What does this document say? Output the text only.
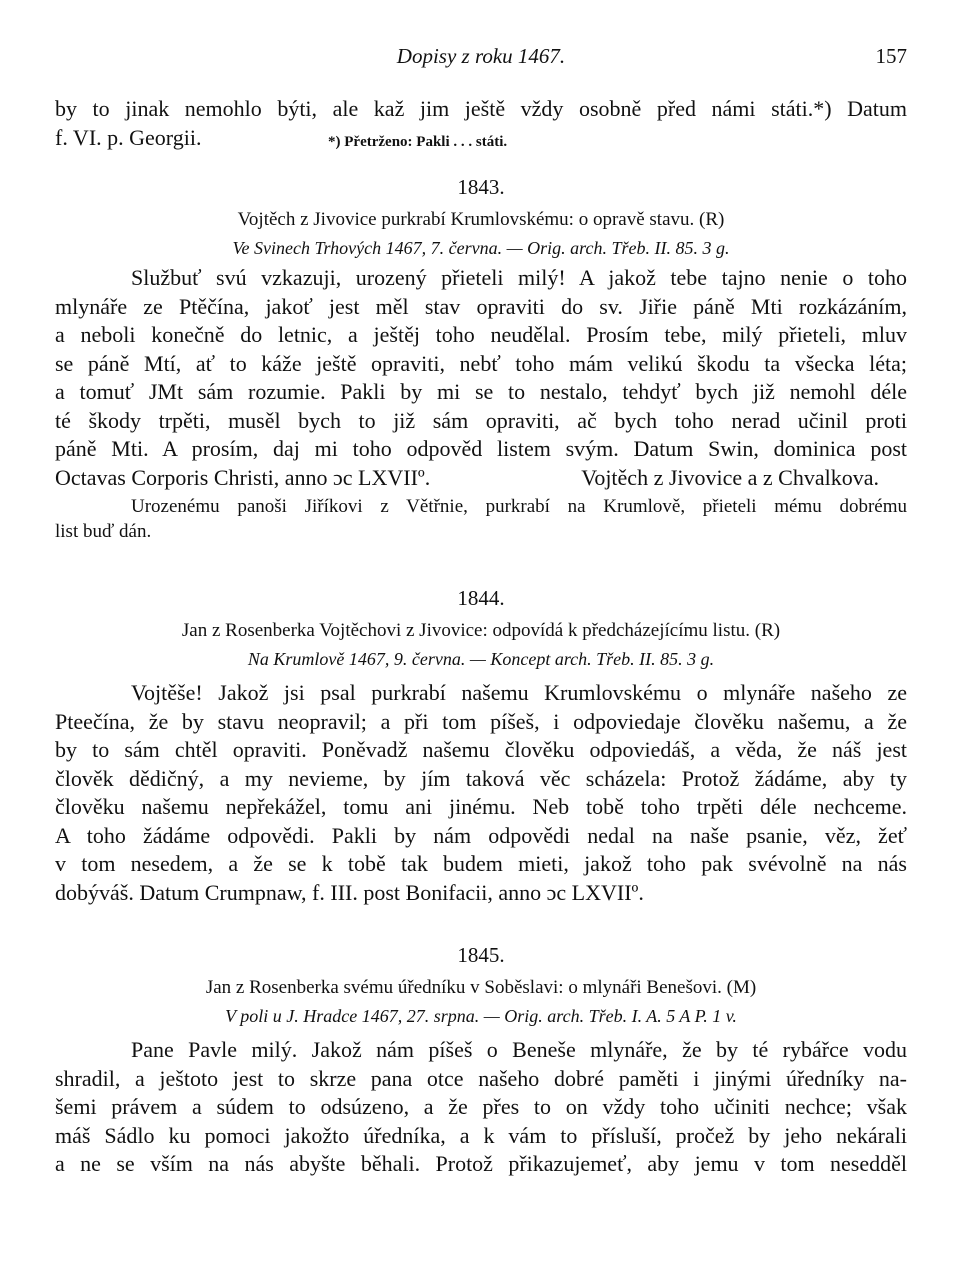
Dopisy z roku 1467.	157
by to jinak nemohlo býti, ale kaž jim ještě vždy osobně před námi státi.*) Datum
f. VI. p. Georgii.	*) Přetrženo: Pakli . . . státi.
1843.
Vojtěch z Jivovice purkrabí Krumlovskému: o opravě stavu. (R)
Ve Svinech Trhových 1467, 7. června. — Orig. arch. Třeb. II. 85. 3 g.
Službuť svú vzkazuji, urozený přieteli milý! A jakož tebe tajno nenie o toho
mlynáře ze Ptěčína, jakoť jest měl stav opraviti do sv. Jiřie páně Mti rozkázáním,
a neboli konečně do letnic, a ještěj toho neudělal. Prosím tebe, milý přieteli, mluv
se páně Mtí, ať to káže ještě opraviti, nebť toho mám velikú škodu ta všecka léta;
a tomuť JMt sám rozumie. Pakli by mi se to nestalo, tehdyť bych již nemohl déle
té škody trpěti, musěl bych to již sám opraviti, ač bych toho nerad učinil proti
páně Mti. A prosím, daj mi toho odpověd listem svým. Datum Swin, dominica post
Octavas Corporis Christi, anno ɔc LXVIIº.	Vojtěch z Jivovice a z Chvalkova.
Urozenému panoši Jiříkovi z Větřnie, purkrabí na Krumlově, přieteli mému dobrému
list buď dán.
1844.
Jan z Rosenberka Vojtěchovi z Jivovice: odpovídá k předcházejícímu listu. (R)
Na Krumlově 1467, 9. června. — Koncept arch. Třeb. II. 85. 3 g.
Vojtěše! Jakož jsi psal purkrabí našemu Krumlovskému o mlynáře našeho ze
Pteečína, že by stavu neopravil; a při tom píšeš, i odpoviedaje člověku našemu, a že
by to sám chtěl opraviti. Poněvadž našemu člověku odpoviedáš, a věda, že náš jest
člověk dědičný, a my nevieme, by jím taková věc scházela: Protož žádáme, aby ty
člověku našemu nepřekážel, tomu ani jinému. Neb tobě toho trpěti déle nechceme.
A toho žádáme odpovědi. Pakli by nám odpovědi nedal na naše psanie, věz, žeť
v tom nesedem, a že se k tobě tak budem mieti, jakož toho pak svévolně na nás
dobýváš. Datum Crumpnaw, f. III. post Bonifacii, anno ɔc LXVIIº.
1845.
Jan z Rosenberka svému úředníku v Soběslavi: o mlynáři Benešovi. (M)
V poli u J. Hradce 1467, 27. srpna. — Orig. arch. Třeb. I. A. 5 A P. 1 v.
Pane Pavle milý. Jakož nám píšeš o Beneše mlynáře, že by té rybářce vodu
shradil, a ještoto jest to skrze pana otce našeho dobré paměti i jinými úředníky na-
šemi právem a súdem to odsúzeno, a že přes to on vždy toho učiniti nechce; však
máš Sádlo ku pomoci jakožto úředníka, a k vám to přísluší, pročež by jeho nekárali
a ne se vším na nás abyšte běhali. Protož přikazujemeť, aby jemu v tom nesedděl
